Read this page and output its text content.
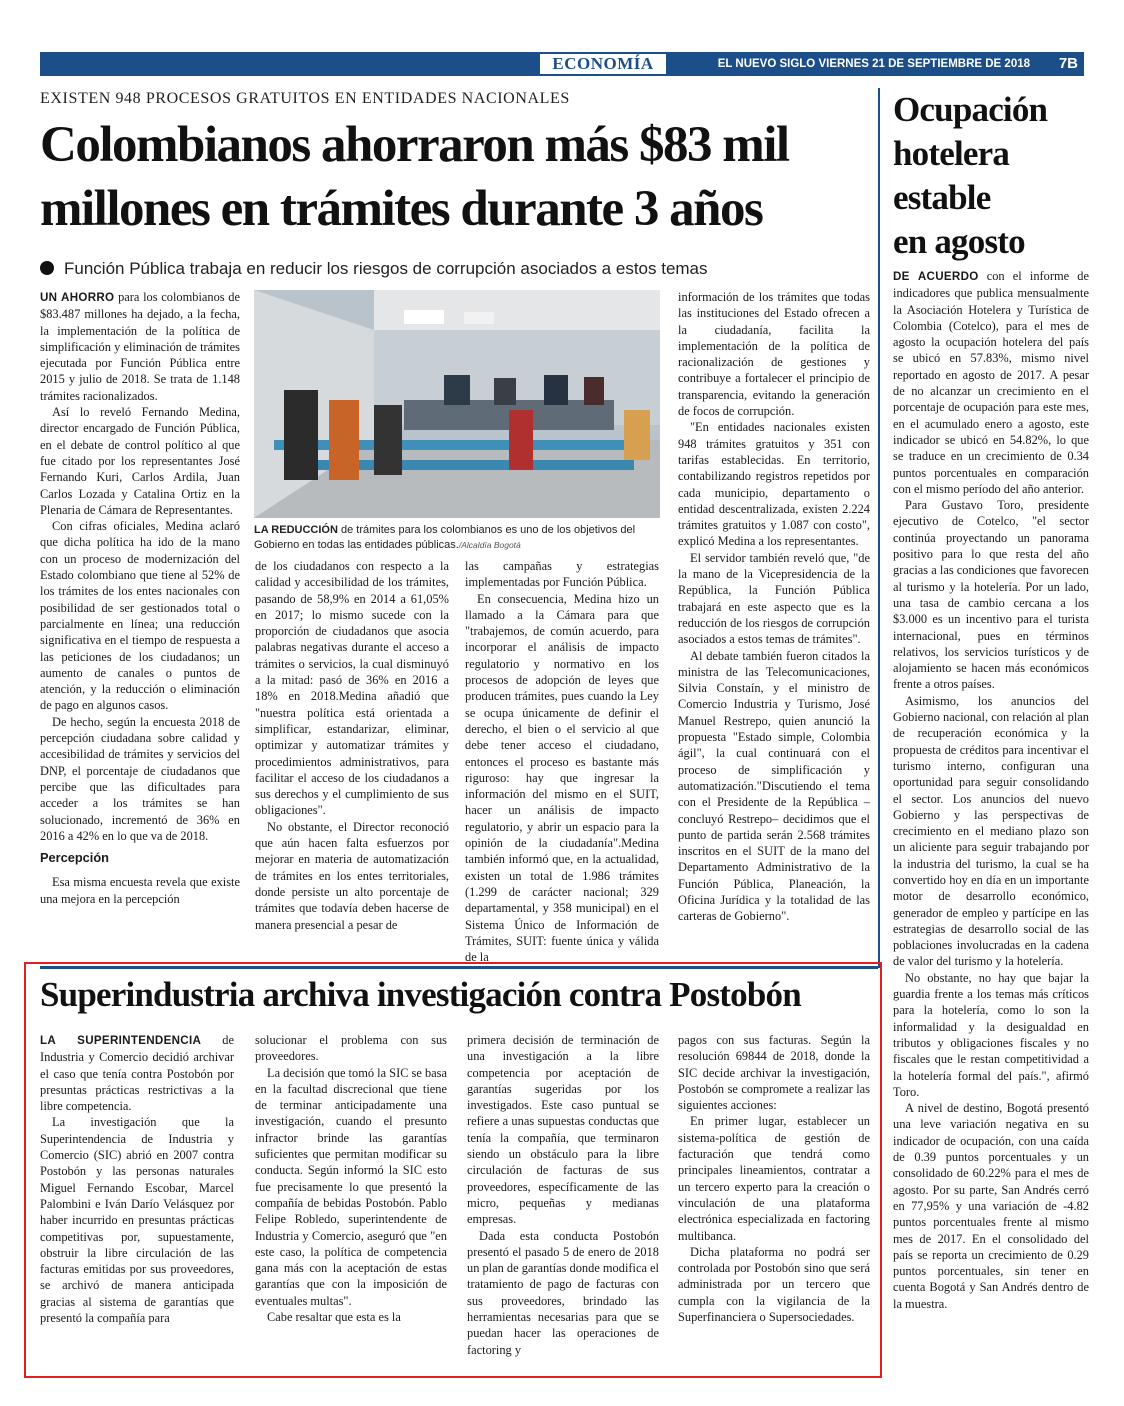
ECONOMÍA	EL NUEVO SIGLO VIERNES 21 DE SEPTIEMBRE DE 2018 7B
EXISTEN 948 PROCESOS GRATUITOS EN ENTIDADES NACIONALES
Colombianos ahorraron más $83 mil
millones en trámites durante 3 años
Función Pública trabaja en reducir los riesgos de corrupción asociados a estos temas

UN AHORRO para los colombianos de $83.487 millones ha dejado, a la fecha, la implementación de la política de simplificación y eliminación de trámites ejecutada por Función Pública entre 2015 y julio de 2018. Se trata de 1.148 trámites racionalizados.

Así lo reveló Fernando Medina, director encargado de Función Pública, en el debate de control político al que fue citado por los representantes José Fernando Kuri, Carlos Ardila, Juan Carlos Lozada y Catalina Ortiz en la Plenaria de Cámara de Representantes.

Con cifras oficiales, Medina aclaró que dicha política ha ido de la mano con un proceso de modernización del Estado colombiano que tiene al 52% de los trámites de los entes nacionales con posibilidad de ser gestionados total o parcialmente en línea; una reducción significativa en el tiempo de respuesta a las peticiones de los ciudadanos; un aumento de canales o puntos de atención, y la reducción o eliminación de pago en algunos casos.

De hecho, según la encuesta 2018 de percepción ciudadana sobre calidad y accesibilidad de trámites y servicios del DNP, el porcentaje de ciudadanos que percibe que las dificultades para acceder a los trámites se han solucionado, incrementó de 36% en 2016 a 42% en lo que va de 2018.

Percepción

Esa misma encuesta revela que existe una mejora en la percepción

LA REDUCCIÓN de trámites para los colombianos es uno de los objetivos del Gobierno en todas las entidades públicas./Alcaldía Bogotá

de los ciudadanos con respecto a la calidad y accesibilidad de los trámites, pasando de 58,9% en 2014 a 61,05% en 2017; lo mismo sucede con la proporción de ciudadanos que asocia palabras negativas durante el acceso a trámites o servicios, la cual disminuyó a la mitad: pasó de 36% en 2016 a 18% en 2018.Medina añadió que "nuestra política está orientada a simplificar, estandarizar, eliminar, optimizar y automatizar trámites y procedimientos administrativos, para facilitar el acceso de los ciudadanos a sus derechos y el cumplimiento de sus obligaciones".

No obstante, el Director reconoció que aún hacen falta esfuerzos por mejorar en materia de automatización de trámites en los entes territoriales, donde persiste un alto porcentaje de trámites que todavía deben hacerse de manera presencial a pesar de

las campañas y estrategias implementadas por Función Pública.

En consecuencia, Medina hizo un llamado a la Cámara para que "trabajemos, de común acuerdo, para incorporar el análisis de impacto regulatorio y normativo en los procesos de adopción de leyes que producen trámites, pues cuando la Ley se ocupa únicamente de definir el derecho, el bien o el servicio al que debe tener acceso el ciudadano, entonces el proceso es bastante más riguroso: hay que ingresar la información del mismo en el SUIT, hacer un análisis de impacto regulatorio, y abrir un espacio para la opinión de la ciudadanía".Medina también informó que, en la actualidad, existen un total de 1.986 trámites (1.299 de carácter nacional; 329 departamental, y 358 municipal) en el Sistema Único de Información de Trámites, SUIT: fuente única y válida de la

información de los trámites que todas las instituciones del Estado ofrecen a la ciudadanía, facilita la implementación de la política de racionalización de gestiones y contribuye a fortalecer el principio de transparencia, evitando la generación de focos de corrupción.

"En entidades nacionales existen 948 trámites gratuitos y 351 con tarifas establecidas. En territorio, contabilizando registros repetidos por cada municipio, departamento o entidad descentralizada, existen 2.224 trámites gratuitos y 1.087 con costo", explicó Medina a los representantes.

El servidor también reveló que, "de la mano de la Vicepresidencia de la República, la Función Pública trabajará en este aspecto que es la reducción de los riesgos de corrupción asociados a estos temas de trámites".

Al debate también fueron citados la ministra de las Telecomunicaciones, Silvia Constaín, y el ministro de Comercio Industria y Turismo, José Manuel Restrepo, quien anunció la propuesta "Estado simple, Colombia ágil", la cual continuará con el proceso de simplificación y automatización."Discutiendo el tema con el Presidente de la República –concluyó Restrepo– decidimos que el punto de partida serán 2.568 trámites inscritos en el SUIT de la mano del Departamento Administrativo de la Función Pública, Planeación, la Oficina Jurídica y la totalidad de las carteras de Gobierno".

Ocupación
hotelera
estable
en agosto

DE ACUERDO con el informe de indicadores que publica mensualmente la Asociación Hotelera y Turística de Colombia (Cotelco), para el mes de agosto la ocupación hotelera del país se ubicó en 57.83%, mismo nivel reportado en agosto de 2017. A pesar de no alcanzar un crecimiento en el porcentaje de ocupación para este mes, en el acumulado enero a agosto, este indicador se ubicó en 54.82%, lo que se traduce en un crecimiento de 0.34 puntos porcentuales en comparación con el mismo período del año anterior.

Para Gustavo Toro, presidente ejecutivo de Cotelco, "el sector continúa proyectando un panorama positivo para lo que resta del año gracias a las condiciones que favorecen al turismo y la hotelería. Por un lado, una tasa de cambio cercana a los $3.000 es un incentivo para el turista internacional, pues en términos relativos, los servicios turísticos y de alojamiento se hacen más económicos frente a otros países.

Asimismo, los anuncios del Gobierno nacional, con relación al plan de recuperación económica y la propuesta de créditos para incentivar el turismo interno, configuran una oportunidad para seguir consolidando el sector. Los anuncios del nuevo Gobierno y las perspectivas de crecimiento en el mediano plazo son un aliciente para seguir trabajando por la industria del turismo, la cual se ha convertido hoy en día en un importante motor de desarrollo económico, generador de empleo y partícipe en las estrategias de desarrollo social de las poblaciones involucradas en la cadena de valor del turismo y la hotelería.

No obstante, no hay que bajar la guardia frente a los temas más críticos para la hotelería, como lo son la informalidad y la desigualdad en tributos y obligaciones fiscales y no fiscales que le restan competitividad a la hotelería formal del país.", afirmó Toro.

A nivel de destino, Bogotá presentó una leve variación negativa en su indicador de ocupación, con una caída de 0.39 puntos porcentuales y un consolidado de 60.22% para el mes de agosto. Por su parte, San Andrés cerró en 77,95% y una variación de -4.82 puntos porcentuales frente al mismo mes de 2017. En el consolidado del país se reporta un crecimiento de 0.29 puntos porcentuales, sin tener en cuenta Bogotá y San Andrés dentro de la muestra.

Superindustria archiva investigación contra Postobón

LA SUPERINTENDENCIA de Industria y Comercio decidió archivar el caso que tenía contra Postobón por presuntas prácticas restrictivas a la libre competencia.

La investigación que la Superintendencia de Industria y Comercio (SIC) abrió en 2007 contra Postobón y las personas naturales Miguel Fernando Escobar, Marcel Palombini e Iván Darío Velásquez por haber incurrido en presuntas prácticas competitivas por, supuestamente, obstruir la libre circulación de las facturas emitidas por sus proveedores, se archivó de manera anticipada gracias al sistema de garantías que presentó la compañía para

solucionar el problema con sus proveedores.

La decisión que tomó la SIC se basa en la facultad discrecional que tiene de terminar anticipadamente una investigación, cuando el presunto infractor brinde las garantías suficientes que permitan modificar su conducta. Según informó la SIC esto fue precisamente lo que presentó la compañía de bebidas Postobón. Pablo Felipe Robledo, superintendente de Industria y Comercio, aseguró que "en este caso, la política de competencia gana más con la aceptación de estas garantías que con la imposición de eventuales multas".

Cabe resaltar que esta es la

primera decisión de terminación de una investigación a la libre competencia por aceptación de garantías sugeridas por los investigados. Este caso puntual se refiere a unas supuestas conductas que tenía la compañía, que terminaron siendo un obstáculo para la libre circulación de facturas de sus proveedores, específicamente de las micro, pequeñas y medianas empresas.

Dada esta conducta Postobón presentó el pasado 5 de enero de 2018 un plan de garantías donde modifica el tratamiento de pago de facturas con sus proveedores, brindado las herramientas necesarias para que se puedan hacer las operaciones de factoring y

pagos con sus facturas. Según la resolución 69844 de 2018, donde la SIC decide archivar la investigación, Postobón se compromete a realizar las siguientes acciones:

En primer lugar, establecer un sistema-política de gestión de facturación que tendrá como principales lineamientos, contratar a un tercero experto para la creación o vinculación de una plataforma electrónica especializada en factoring multibanca.

Dicha plataforma no podrá ser controlada por Postobón sino que será administrada por un tercero que cumpla con la vigilancia de la Superfinanciera o Supersociedades.
